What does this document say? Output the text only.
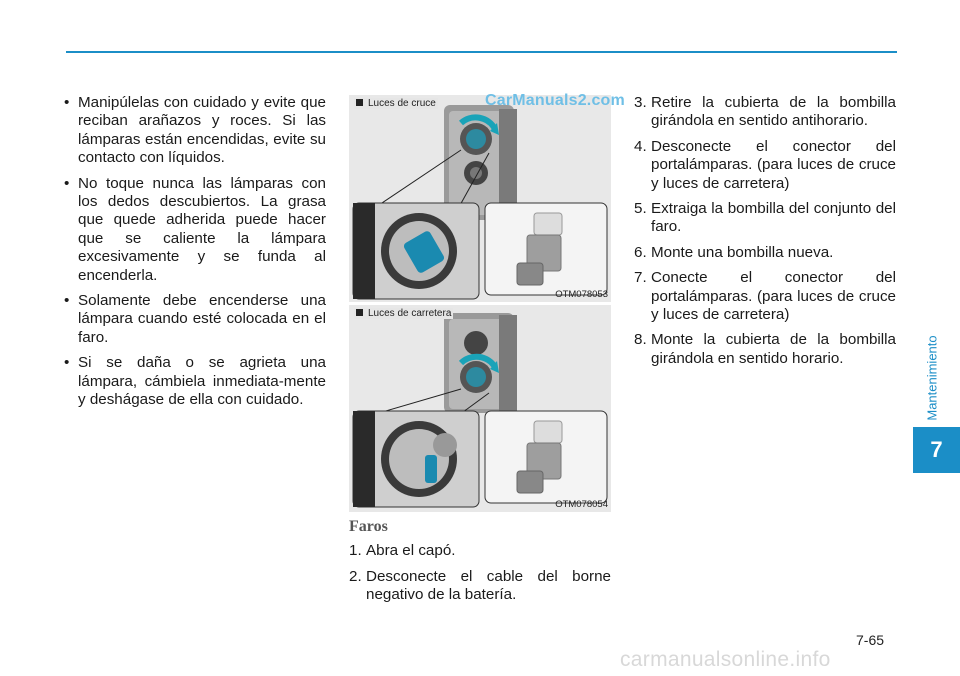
• Manipúlelas con cuidado y evite que reciban arañazos y roces. Si las lámparas están encendidas, evite su contacto con líquidos.
• No toque nunca las lámparas con los dedos descubiertos. La grasa que quede adherida puede hacer que se caliente la lámpara excesivamente y se funda al encenderla.
• Solamente debe encenderse una lámpara cuando esté colocada en el faro.
• Si se daña o se agrieta una lámpara, cámbiela inmediata-mente y deshágase de ella con cuidado.
Luces de cruce
OTM078053
CarManuals2.com
Luces de carretera
OTM078054
Faros
1. Abra el capó.
2. Desconecte el cable del borne negativo de la batería.
3. Retire la cubierta de la bombilla girándola en sentido antihorario.
4. Desconecte el conector del portalámparas. (para luces de cruce y luces de carretera)
5. Extraiga la bombilla del conjunto del faro.
6. Monte una bombilla nueva.
7. Conecte el conector del portalámparas. (para luces de cruce y luces de carretera)
8. Monte la cubierta de la bombilla girándola en sentido horario.	Mantenimiento
7
7-65
carmanualsonline.info
